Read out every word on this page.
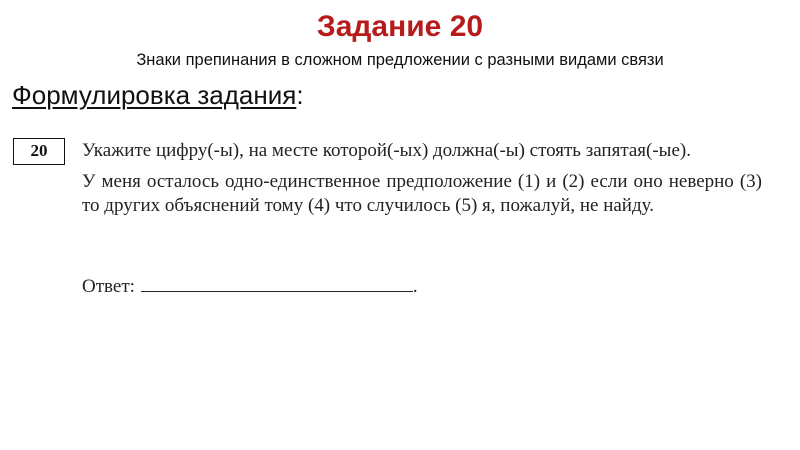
Задание 20
Знаки препинания в сложном предложении с разными видами связи
Формулировка задания:
20	Укажите цифру(-ы), на месте которой(-ых) должна(-ы) стоять запятая(-ые).
У меня осталось одно-единственное предположение (1) и (2) если оно неверно (3) то других объяснений тому (4) что случилось (5) я, пожалуй, не найду.
Ответ:	.
